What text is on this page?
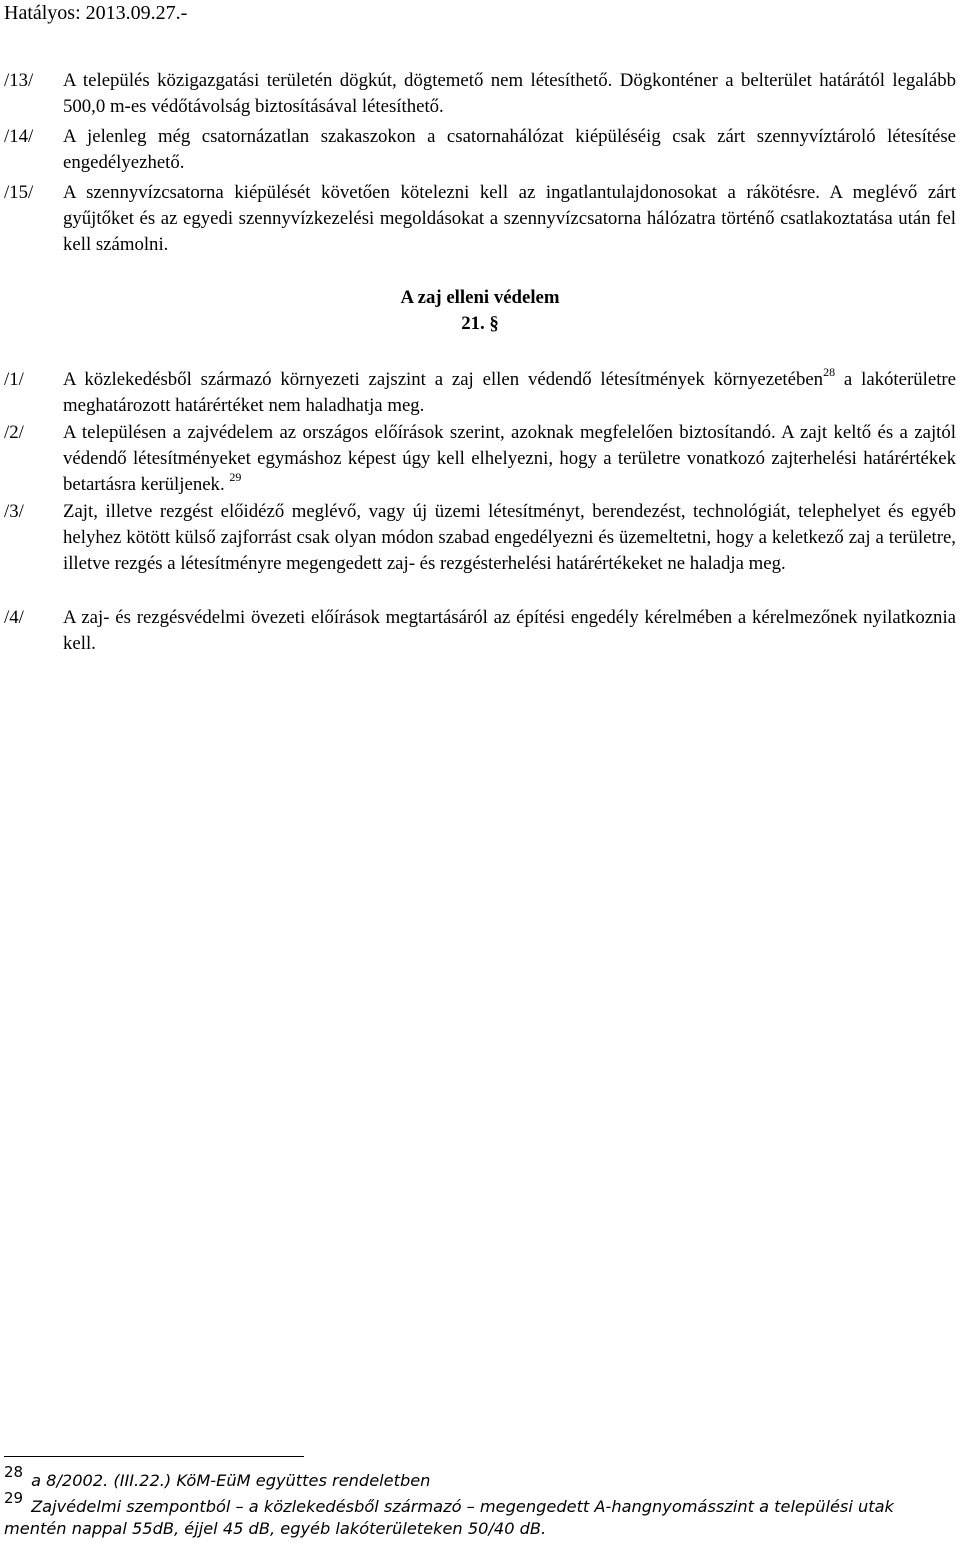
Hatályos: 2013.09.27.-
/13/ A település közigazgatási területén dögkút, dögtemető nem létesíthető. Dögkonténer a belterület határától legalább 500,0 m-es védőtávolság biztosításával létesíthető.
/14/ A jelenleg még csatornázatlan szakaszokon a csatornahálózat kiépüléséig csak zárt szennyvíztároló létesítése engedélyezhető.
/15/ A szennyvízcsatorna kiépülését követően kötelezni kell az ingatlantulajdonosokat a rákötésre. A meglévő zárt gyűjtőket és az egyedi szennyvízkezelési megoldásokat a szennyvízcsatorna hálózatra történő csatlakoztatása után fel kell számolni.
A zaj elleni védelem
21. §
/1/ A közlekedésből származó környezeti zajszint a zaj ellen védendő létesítmények környezetében$^{28}$ a lakóterületre meghatározott határértéket nem haladhatja meg.
/2/ A településen a zajvédelem az országos előírások szerint, azoknak megfelelően biztosítandó. A zajt keltő és a zajtól védendő létesítményeket egymáshoz képest úgy kell elhelyezni, hogy a területre vonatkozó zajterhelési határértékek betartásra kerüljenek. $^{29}$
/3/ Zajt, illetve rezgést előidéző meglévő, vagy új üzemi létesítményt, berendezést, technológiát, telephelyet és egyéb helyhez kötött külső zajforrást csak olyan módon szabad engedélyezni és üzemeltetni, hogy a keletkező zaj a területre, illetve rezgés a létesítményre megengedett zaj- és rezgésterhelési határértékeket ne haladja meg.
/4/ A zaj- és rezgésvédelmi övezeti előírások megtartásáról az építési engedély kérelmében a kérelmezőnek nyilatkoznia kell.
28 a 8/2002. (III.22.) KöM-EüM együttes rendeletben
29 Zajvédelmi szempontból – a közlekedésből származó – megengedett A-hangnyomásszint a települési utak mentén nappal 55dB, éjjel 45 dB, egyéb lakóterületeken 50/40 dB.
